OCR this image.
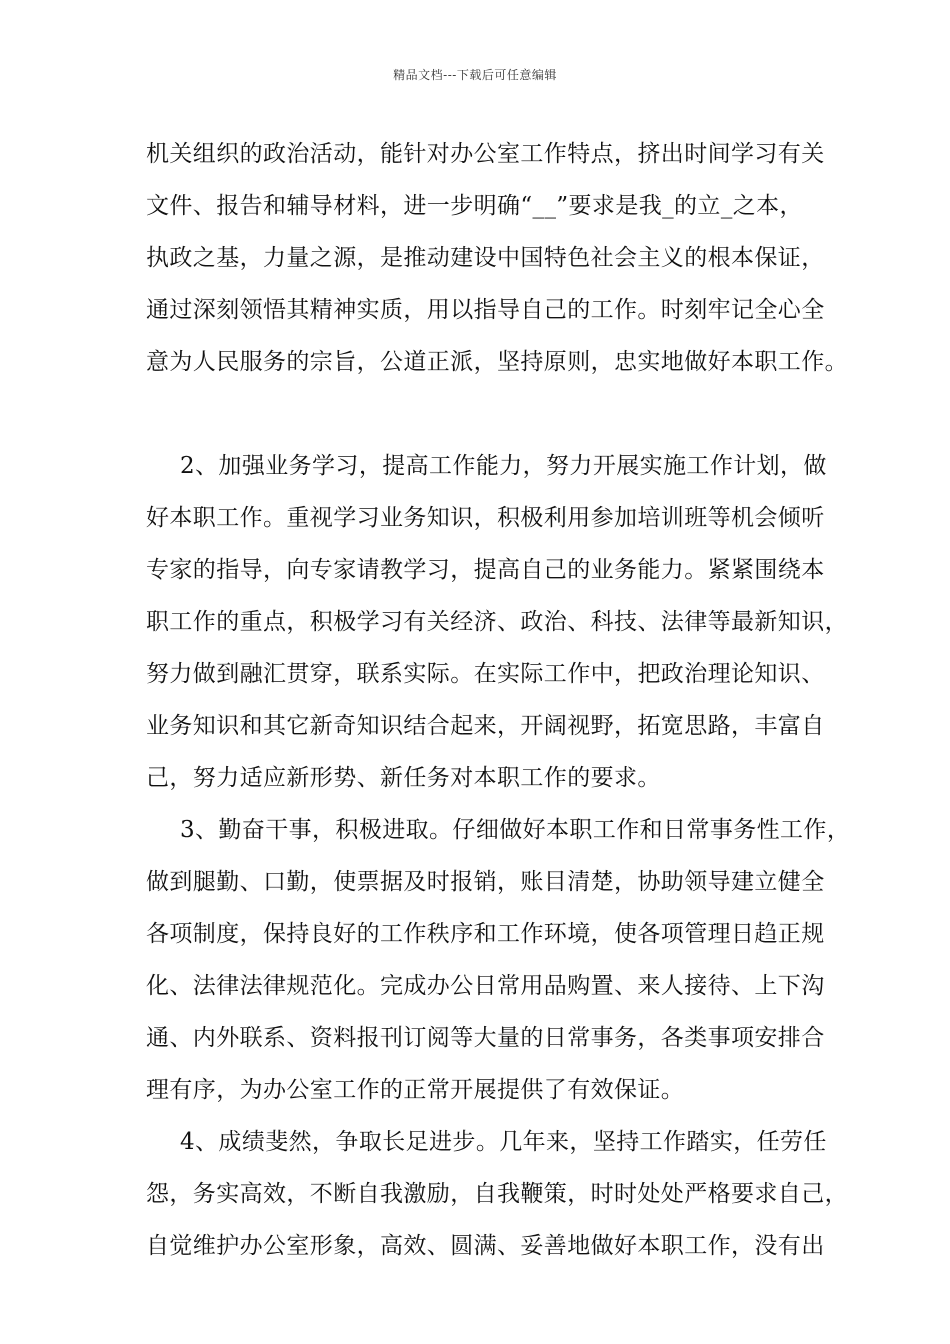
精品文档---下载后可任意编辑
机关组织的政治活动，能针对办公室工作特点，挤出时间学习有关
文件、报告和辅导材料，进一步明确“__”要求是我_的立_之本，
执政之基，力量之源，是推动建设中国特色社会主义的根本保证，
通过深刻领悟其精神实质，用以指导自己的工作。时刻牢记全心全
意为人民服务的宗旨，公道正派，坚持原则，忠实地做好本职工作。
2、加强业务学习，提高工作能力，努力开展实施工作计划，做
好本职工作。重视学习业务知识，积极利用参加培训班等机会倾听
专家的指导，向专家请教学习，提高自己的业务能力。紧紧围绕本
职工作的重点，积极学习有关经济、政治、科技、法律等最新知识，
努力做到融汇贯穿，联系实际。在实际工作中，把政治理论知识、
业务知识和其它新奇知识结合起来，开阔视野，拓宽思路，丰富自
己，努力适应新形势、新任务对本职工作的要求。
3、勤奋干事，积极进取。仔细做好本职工作和日常事务性工作，
做到腿勤、口勤，使票据及时报销，账目清楚，协助领导建立健全
各项制度，保持良好的工作秩序和工作环境，使各项管理日趋正规
化、法律法律规范化。完成办公日常用品购置、来人接待、上下沟
通、内外联系、资料报刊订阅等大量的日常事务，各类事项安排合
理有序，为办公室工作的正常开展提供了有效保证。
4、成绩斐然，争取长足进步。几年来，坚持工作踏实，任劳任
怨，务实高效，不断自我激励，自我鞭策，时时处处严格要求自己，
自觉维护办公室形象，高效、圆满、妥善地做好本职工作，没有出
